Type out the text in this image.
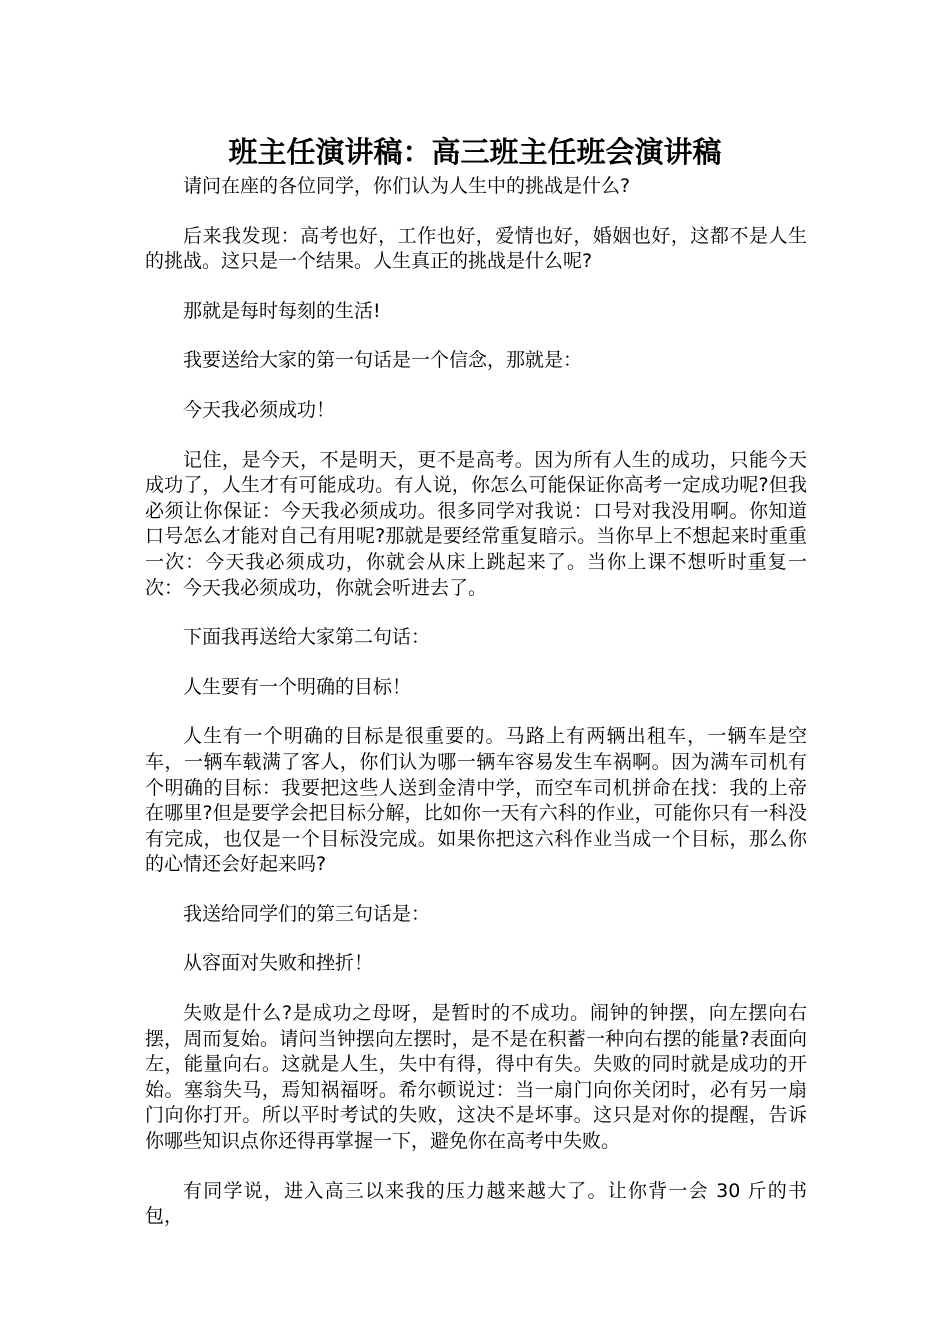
班主任演讲稿：高三班主任班会演讲稿

请问在座的各位同学，你们认为人生中的挑战是什么?

后来我发现：高考也好，工作也好，爱情也好，婚姻也好，这都不是人生的挑战。这只是一个结果。人生真正的挑战是什么呢?

那就是每时每刻的生活!

我要送给大家的第一句话是一个信念，那就是：

今天我必须成功！

记住，是今天，不是明天，更不是高考。因为所有人生的成功，只能今天成功了，人生才有可能成功。有人说，你怎么可能保证你高考一定成功呢?但我必须让你保证：今天我必须成功。很多同学对我说：口号对我没用啊。你知道口号怎么才能对自己有用呢?那就是要经常重复暗示。当你早上不想起来时重重一次：今天我必须成功，你就会从床上跳起来了。当你上课不想听时重复一次：今天我必须成功，你就会听进去了。

下面我再送给大家第二句话：

人生要有一个明确的目标！

人生有一个明确的目标是很重要的。马路上有两辆出租车，一辆车是空车，一辆车载满了客人，你们认为哪一辆车容易发生车祸啊。因为满车司机有个明确的目标：我要把这些人送到金清中学，而空车司机拼命在找：我的上帝在哪里?但是要学会把目标分解，比如你一天有六科的作业，可能你只有一科没有完成，也仅是一个目标没完成。如果你把这六科作业当成一个目标，那么你的心情还会好起来吗?

我送给同学们的第三句话是：

从容面对失败和挫折！

失败是什么?是成功之母呀，是暂时的不成功。闹钟的钟摆，向左摆向右摆，周而复始。请问当钟摆向左摆时，是不是在积蓄一种向右摆的能量?表面向左，能量向右。这就是人生，失中有得，得中有失。失败的同时就是成功的开始。塞翁失马，焉知祸福呀。希尔顿说过：当一扇门向你关闭时，必有另一扇门向你打开。所以平时考试的失败，这决不是坏事。这只是对你的提醒，告诉你哪些知识点你还得再掌握一下，避免你在高考中失败。

有同学说，进入高三以来我的压力越来越大了。让你背一会 30 斤的书包，
